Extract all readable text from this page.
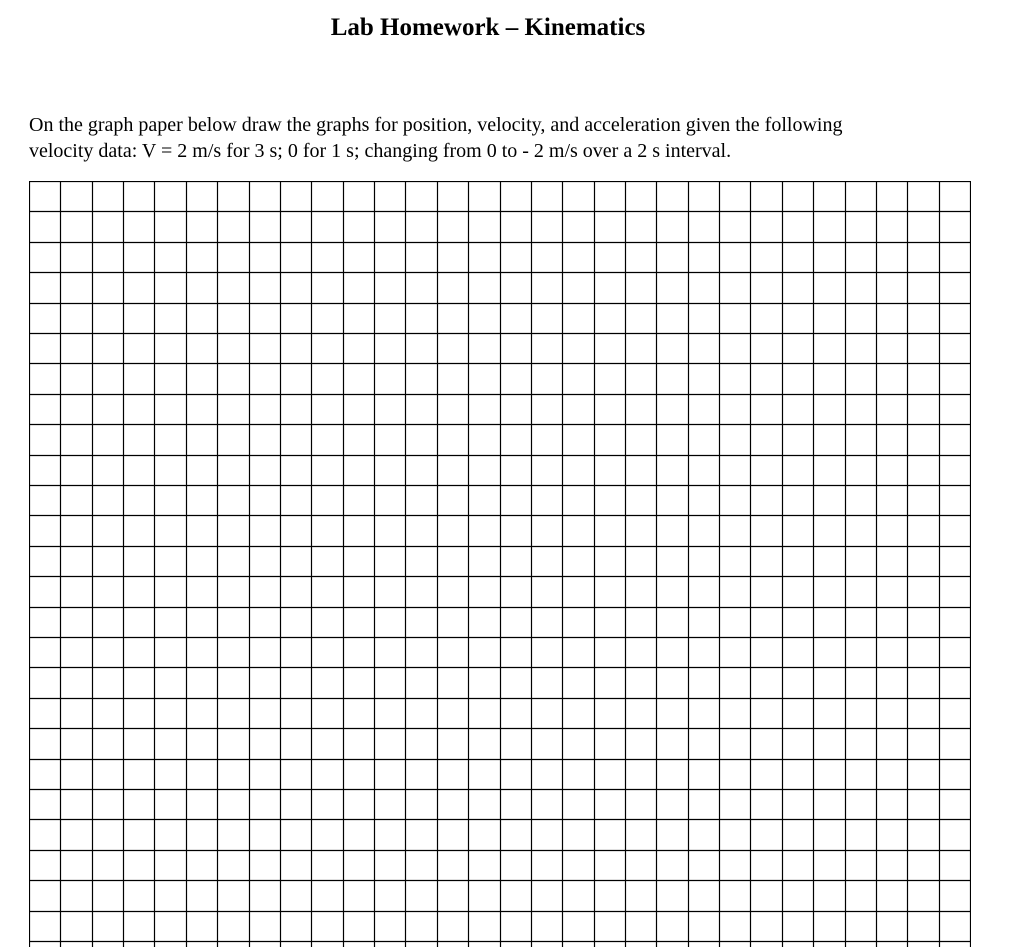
Lab Homework – Kinematics

On the graph paper below draw the graphs for position, velocity, and acceleration given the following
velocity data: V = 2 m/s for 3 s; 0 for 1 s; changing from 0 to - 2 m/s over a 2 s interval.
